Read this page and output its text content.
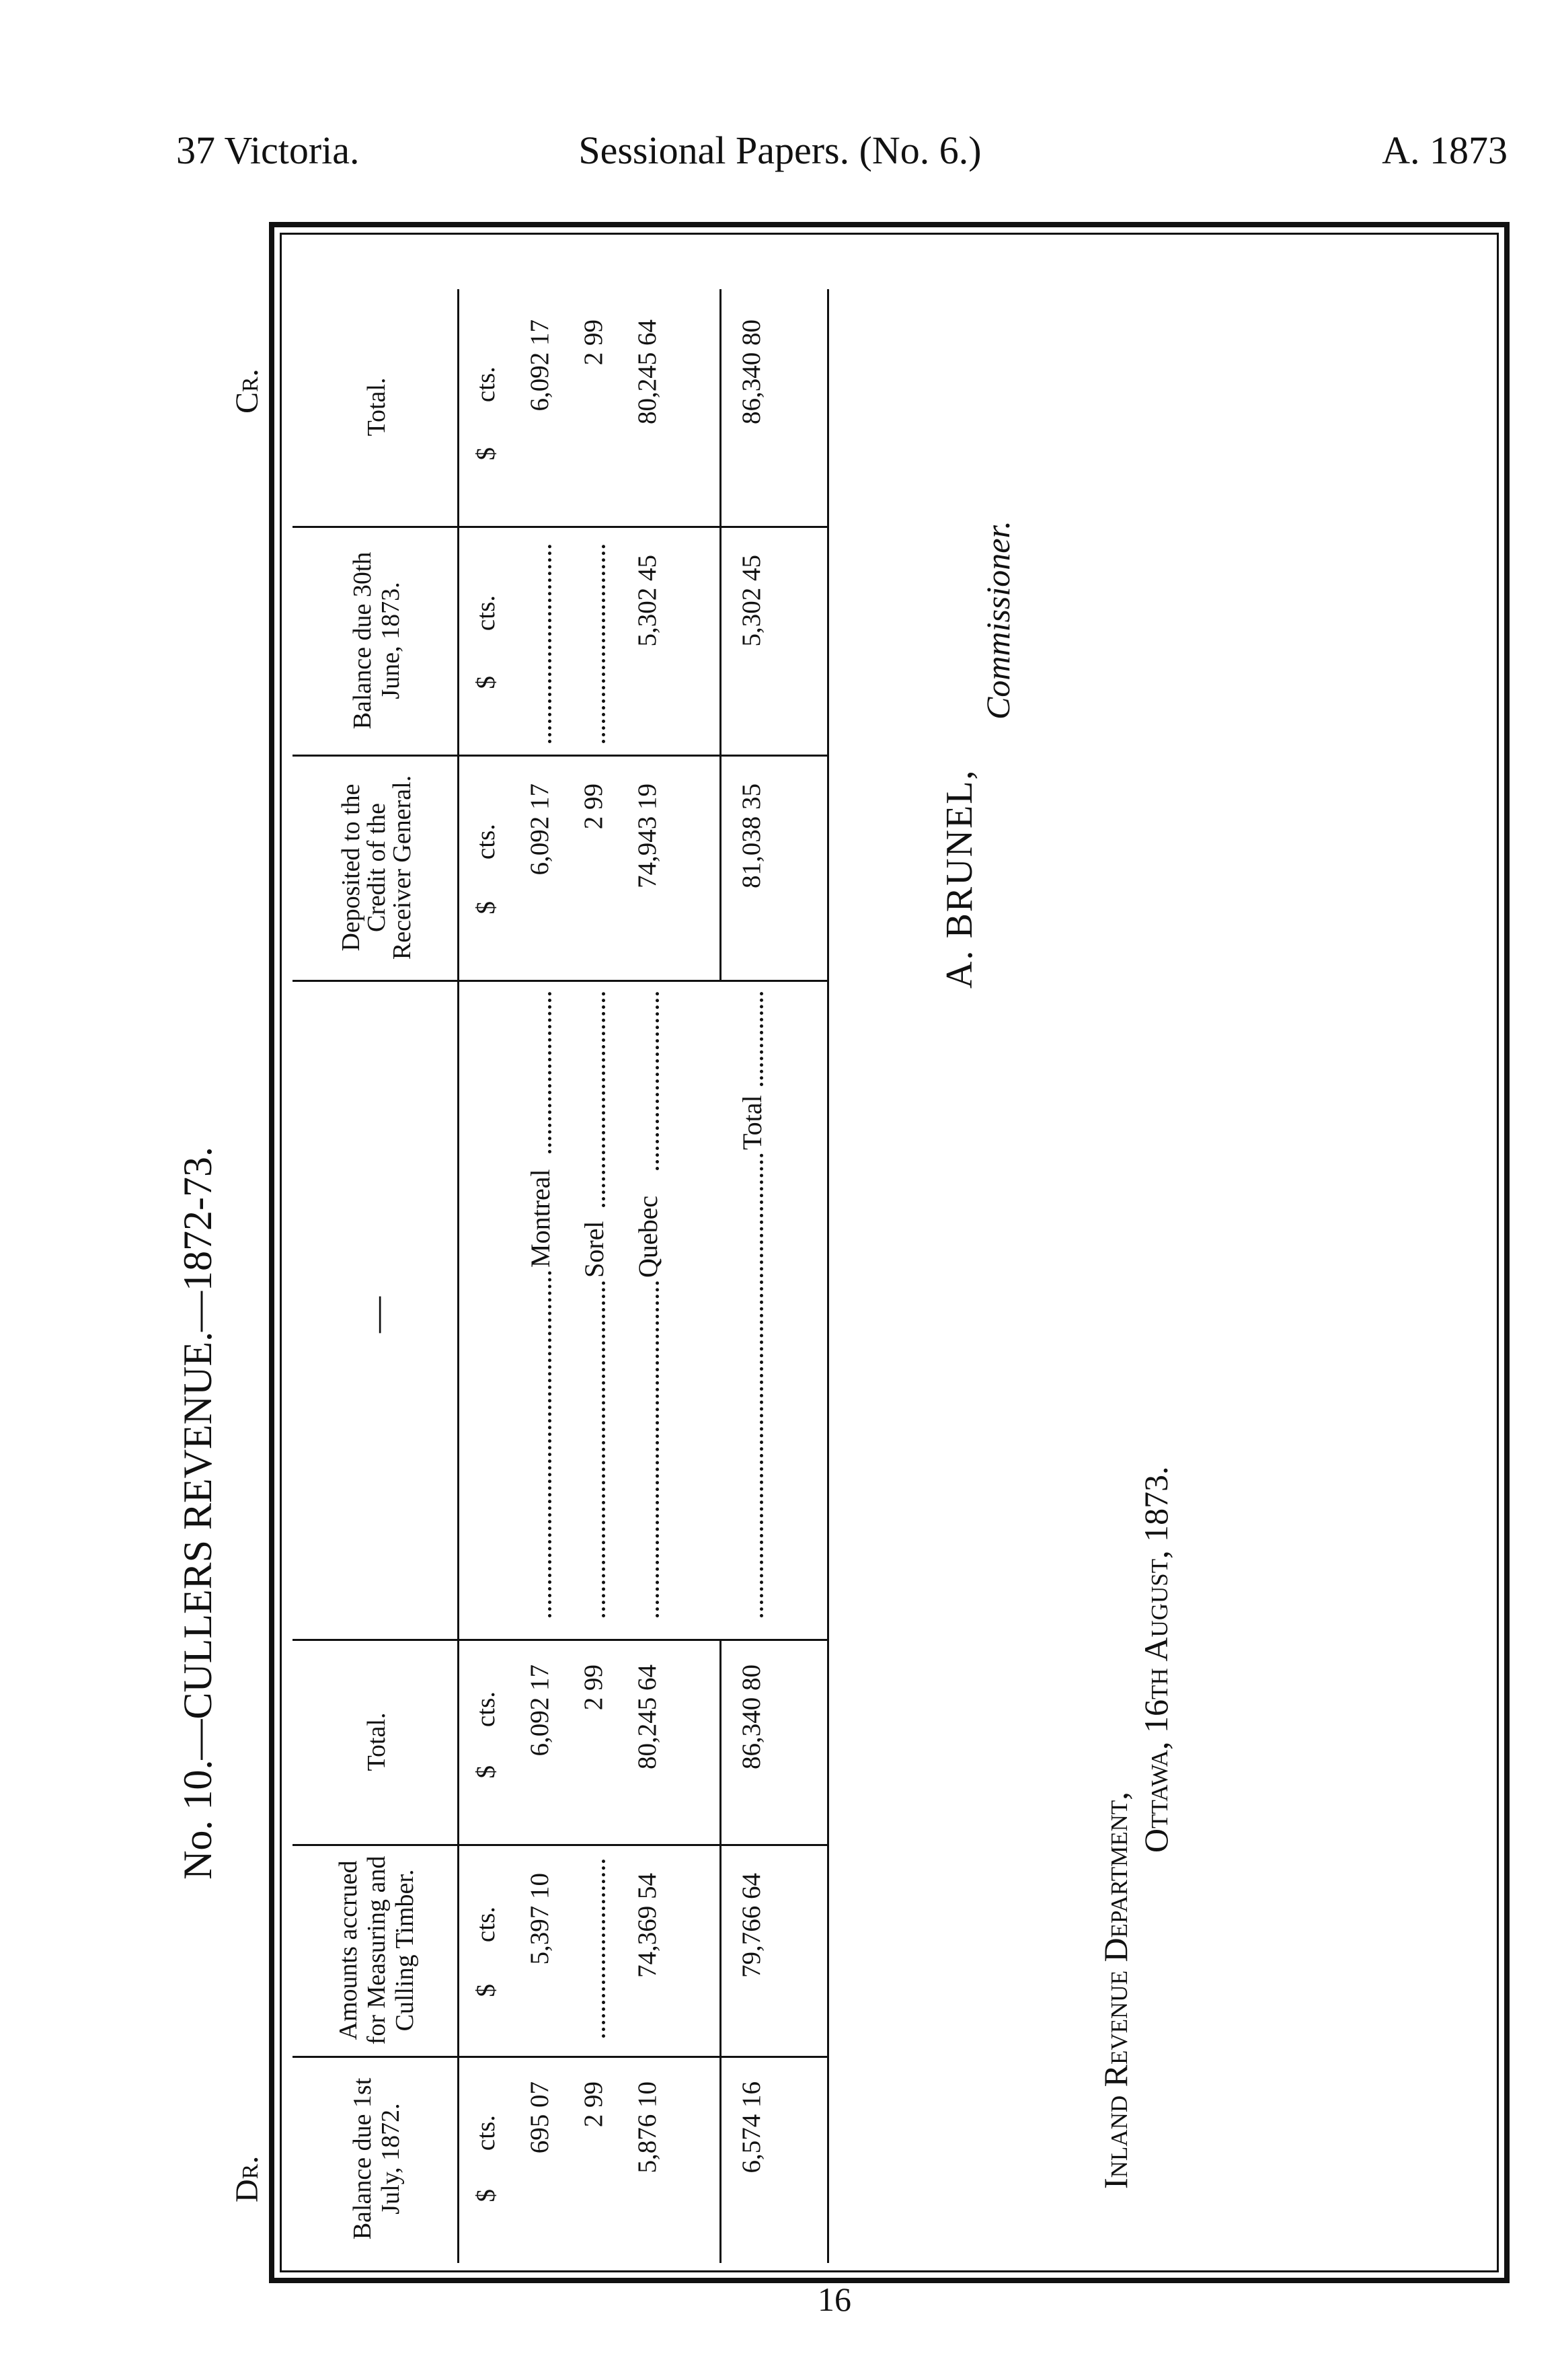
37 Victoria.	Sessional Papers. (No. 6.)	A. 1873
No. 10.—CULLERS REVENUE.—1872-73.
Dr.
Cr.
Balance due 1st July, 1872.
Amounts accrued for Measuring and Culling Timber.
Total.
—
Deposited to the Credit of the Receiver General.
Balance due 30th June, 1873.
Total.
$
cts.
$
cts.
$
cts.
$
cts.
$
cts.
$
cts.
695 07
5,397 10
6,092 17
Montreal
6,092 17
6,092 17
2 99
2 99
Sorel
2 99
2 99
5,876 10
74,369 54
80,245 64
Quebec
74,943 19
5,302 45
80,245 64
6,574 16
79,766 64
86,340 80
Total
81,038 35
5,302 45
86,340 80
A. BRUNEL,
Commissioner.
Inland Revenue Department,
Ottawa, 16th August, 1873.
16
